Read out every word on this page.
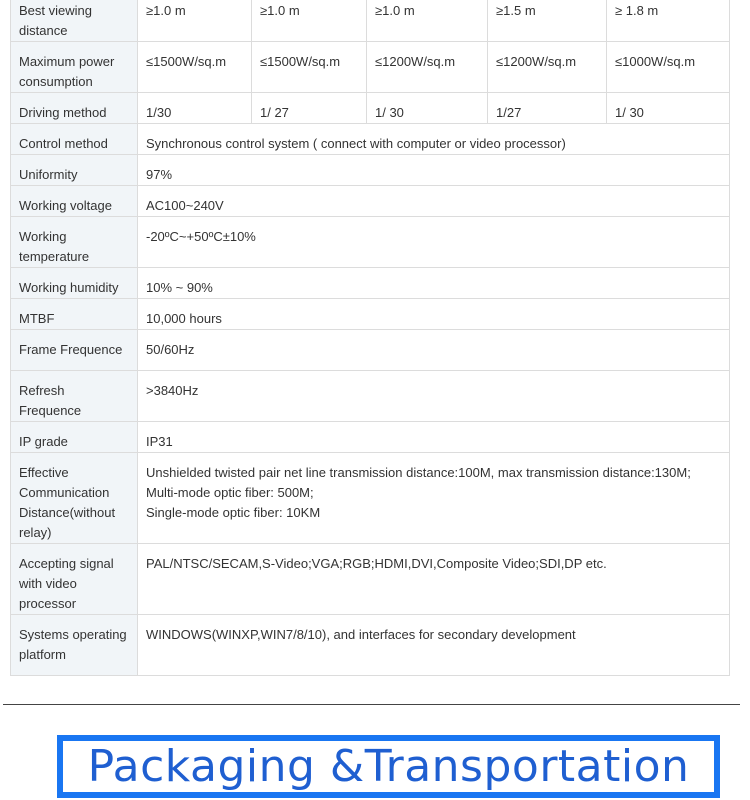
Best viewing distance	≥1.0 m	≥1.0 m	≥1.0 m	≥1.5 m	≥ 1.8 m
Maximum power consumption	≤1500W/sq.m	≤1500W/sq.m	≤1200W/sq.m	≤1200W/sq.m	≤1000W/sq.m
Driving method	1/30	1/ 27	1/ 30	1/27	1/ 30
Control method	Synchronous control system ( connect with computer or video processor)				
Uniformity	97%				
Working voltage	AC100~240V				
Working temperature	-20ºC~+50ºC±10%				
Working humidity	10% ~ 90%				
MTBF	10,000 hours				
Frame Frequence	50/60Hz				
Refresh Frequence	>3840Hz				
IP grade	IP31				
Effective Communication Distance(without relay)	Unshielded twisted pair net line transmission distance:100M, max transmission distance:130M;
Multi-mode optic fiber: 500M;
Single-mode optic fiber: 10KM				

Accepting signal with video processor	PAL/NTSC/SECAM,S-Video;VGA;RGB;HDMI,DVI,Composite Video;SDI,DP etc.				
Systems operating platform	WINDOWS(WINXP,WIN7/8/10), and interfaces for secondary development				
Packaging &Transportation
